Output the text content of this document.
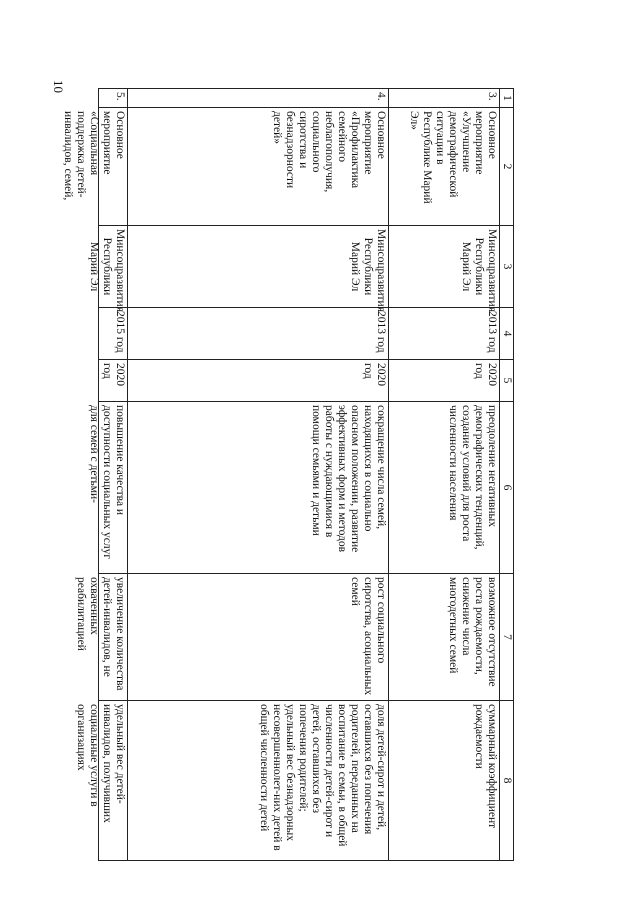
10
1	2	3	4	5	6	7	8
3.	Основное мероприятие «Улучшение демографической ситуации в Республике Марий Эл»	Минсоцразвития Республики Марий Эл	2013 год	2020 год	преодоление негативных демографических тенденций, создание условий для роста численности населения	возможное отсутствие роста рождаемости, снижение числа многодетных семей	суммарный коэффициент рождаемости
4.	Основное мероприятие «Профилактика семейного неблагополучия, социального сиротства и безнадзорности детей»	Минсоцразвития Республики Марий Эл	2013 год	2020 год	сокращение числа семей, находящихся в социально опасном положении, развитие эффективных форм и методов работы с нуждающимися в помощи семьями и детьми	рост социального сиротства, асоциальных семей	доля детей-сирот и детей, оставшихся без попечения родителей, переданных на воспитание в семьи, в общей численности детей-сирот и детей, оставшихся без попечения родителей; удельный вес безнадзорных несовершеннолет-них детей в общей численности детей

5.	Основное мероприятие «Социальная поддержка детей-инвалидов, семей,	Минсоцразвития Республики Марий Эл	2015 год	2020 год	повышение качества и доступности социальных услуг для семей с детьми-	увеличение количества детей-инвалидов, не охваченных реабилитацией	удельный вес детей-инвалидов, получивших социальные услуги в организациях
